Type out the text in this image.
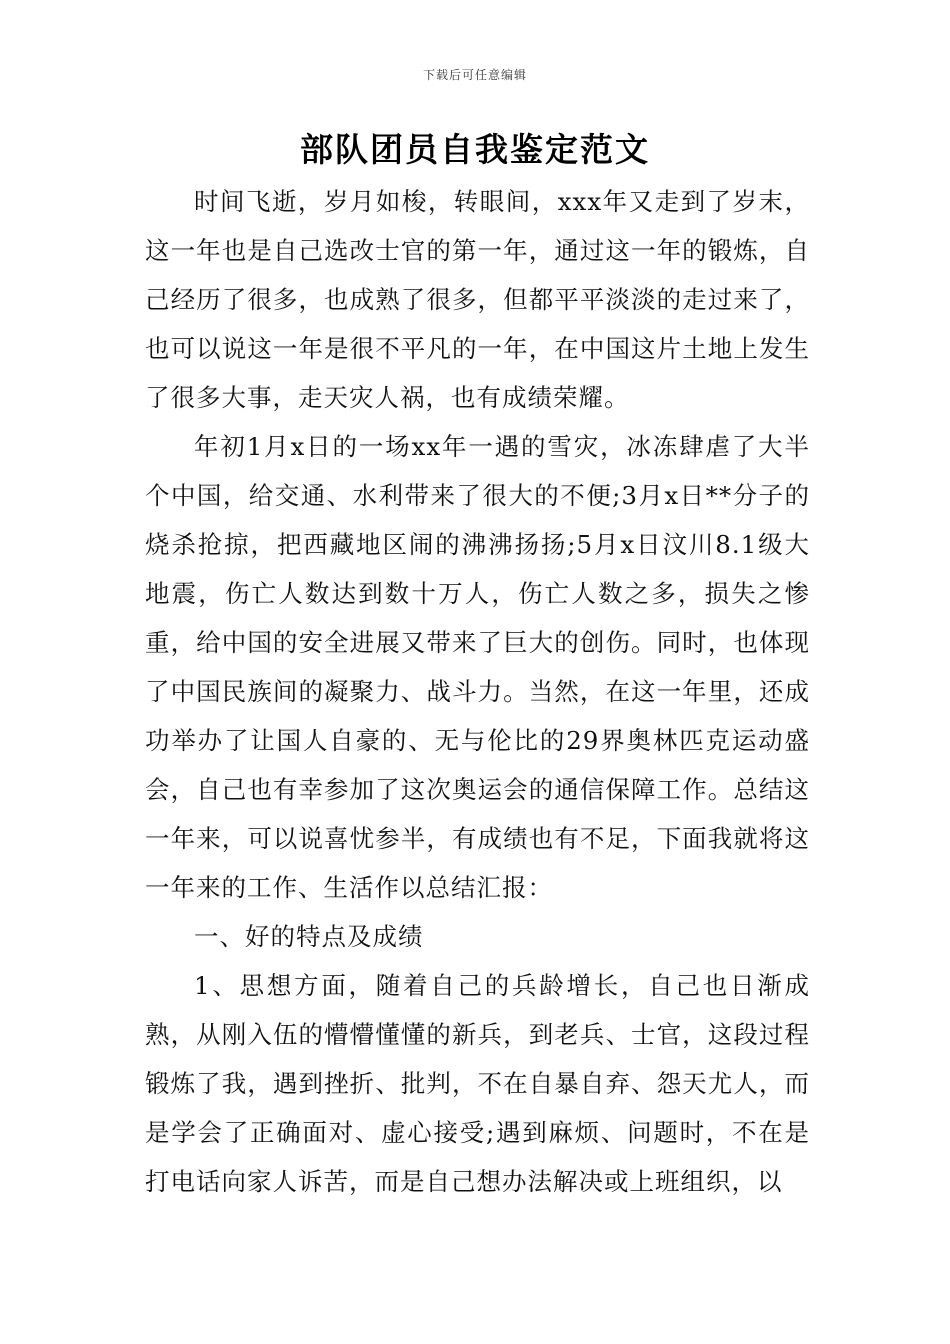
下载后可任意编辑
部队团员自我鉴定范文

时间飞逝，岁月如梭，转眼间，xxx年又走到了岁末，这一年也是自己选改士官的第一年，通过这一年的锻炼，自己经历了很多，也成熟了很多，但都平平淡淡的走过来了，也可以说这一年是很不平凡的一年，在中国这片土地上发生了很多大事，走天灾人祸，也有成绩荣耀。

年初1月x日的一场xx年一遇的雪灾，冰冻肆虐了大半个中国，给交通、水利带来了很大的不便;3月x日**分子的烧杀抢掠，把西藏地区闹的沸沸扬扬;5月x日汶川8.1级大地震，伤亡人数达到数十万人，伤亡人数之多，损失之惨重，给中国的安全进展又带来了巨大的创伤。同时，也体现了中国民族间的凝聚力、战斗力。当然，在这一年里，还成功举办了让国人自豪的、无与伦比的29界奥林匹克运动盛会，自己也有幸参加了这次奥运会的通信保障工作。总结这一年来，可以说喜忧参半，有成绩也有不足，下面我就将这一年来的工作、生活作以总结汇报：

一、好的特点及成绩

1、思想方面，随着自己的兵龄增长，自己也日渐成熟，从刚入伍的懵懵懂懂的新兵，到老兵、士官，这段过程锻炼了我，遇到挫折、批判，不在自暴自弃、怨天尤人，而是学会了正确面对、虚心接受;遇到麻烦、问题时，不在是打电话向家人诉苦，而是自己想办法解决或上班组织，以
